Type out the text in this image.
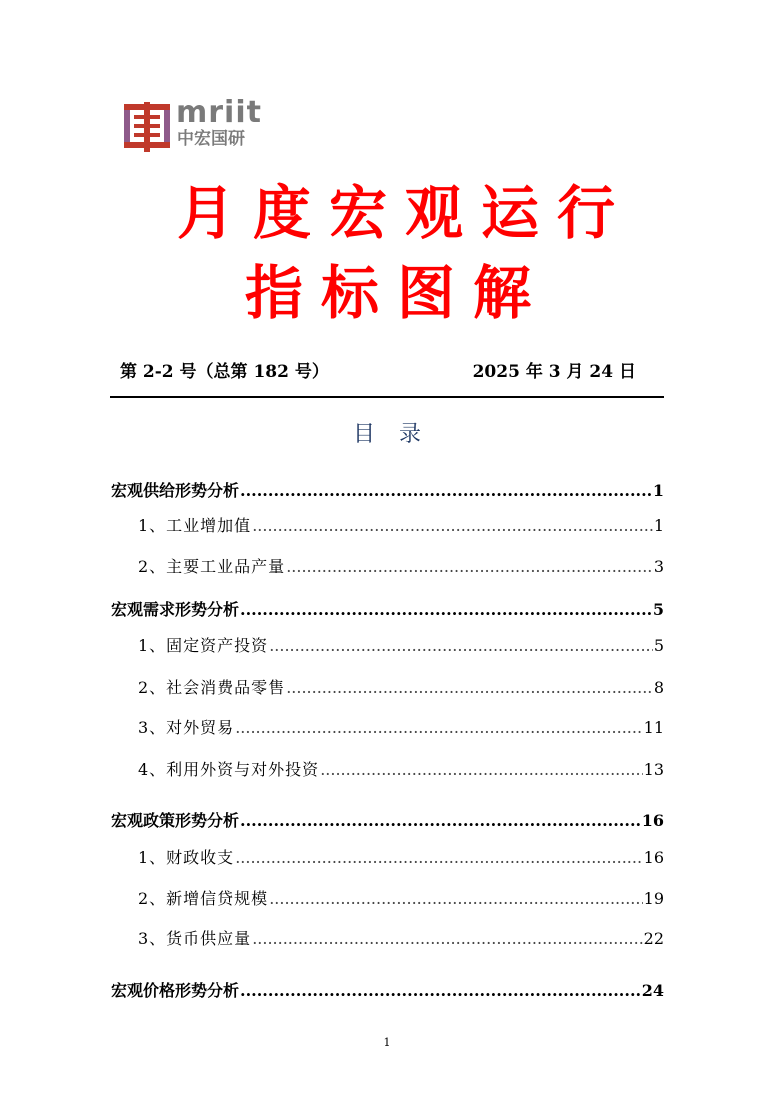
mriit
中宏国研
月度宏观运行
指标图解
第 2-2 号（总第 182 号）	2025 年 3 月 24 日
目录
宏观供给形势分析 .....	1
1、工业增加值 .....	1
2、主要工业品产量 .....	3
宏观需求形势分析 .....	5
1、固定资产投资 .....	5
2、社会消费品零售 .....	8
3、对外贸易 .....	11
4、利用外资与对外投资 .....	13
宏观政策形势分析 .....	16
1、财政收支 .....	16
2、新增信贷规模 .....	19
3、货币供应量 .....	22
宏观价格形势分析 .....	24
1
